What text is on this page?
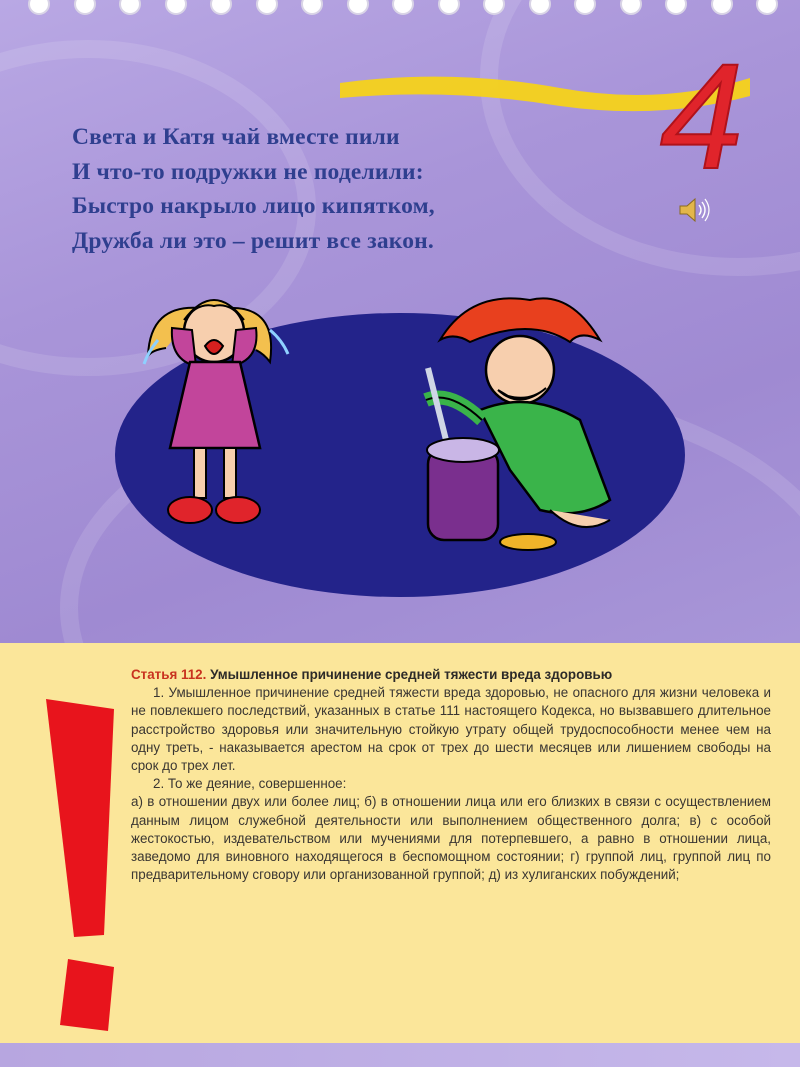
4
Света и Катя чай вместе пили
И что-то подружки не поделили:
Быстро накрыло лицо кипятком,
Дружба ли это – решит все закон.

Статья 112. Умышленное причинение средней тяжести вреда здоровью

1. Умышленное причинение средней тяжести вреда здоровью, не опасного для жизни человека и не повлекшего последствий, указанных в статье 111 настоящего Кодекса, но вызвавшего длительное расстройство здоровья или значительную стойкую утрату общей трудоспособности менее чем на одну треть, - наказывается арестом на срок от трех до шести месяцев или лишением свободы на срок до трех лет.

2. То же деяние, совершенное:

а) в отношении двух или более лиц; б) в отношении лица или его близких в связи с осуществлением данным лицом служебной деятельности или выполнением общественного долга; в) с особой жестокостью, издевательством или мучениями для потерпевшего, а равно в отношении лица, заведомо для виновного находящегося в беспомощном состоянии; г) группой лиц, группой лиц по предварительному сговору или организованной группой; д) из хулиганских побуждений;
